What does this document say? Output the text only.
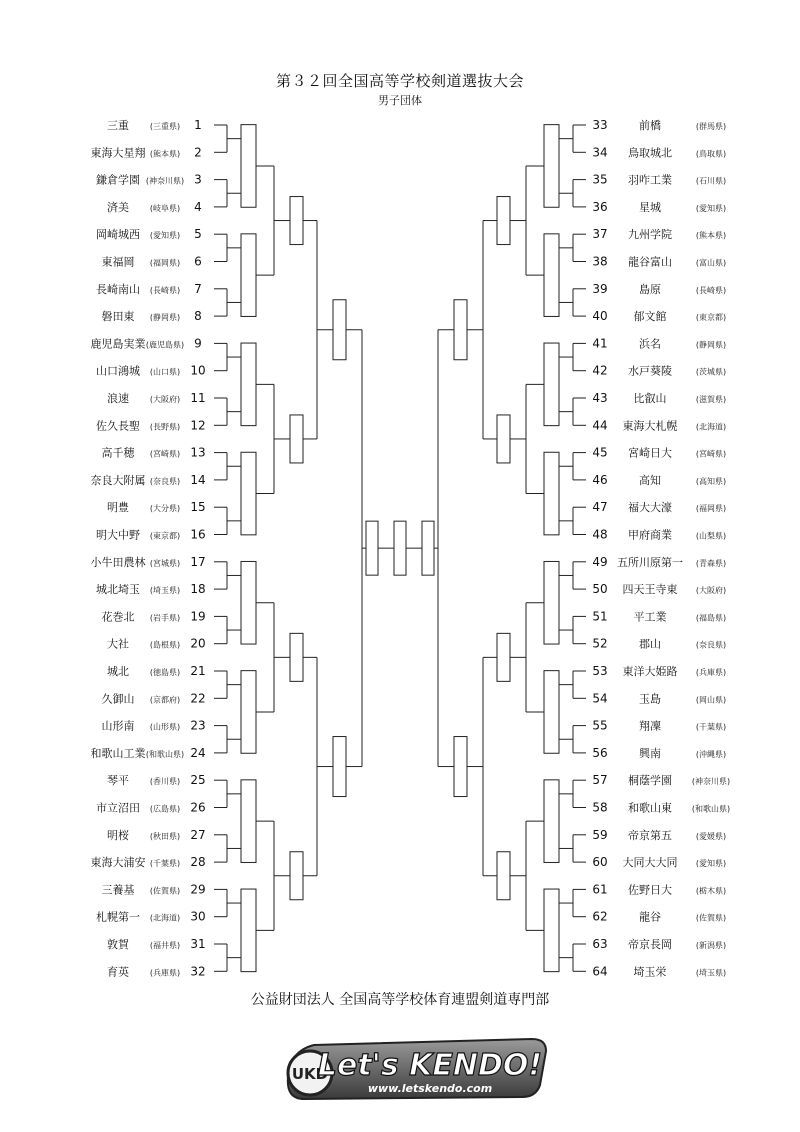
第３２回全国高等学校剣道選抜大会
男子団体
三重	(三重県) 1
東海大星翔 (熊本県) 2
鎌倉学園 (神奈川県) 3
済美	(岐阜県) 4
岡崎城西 (愛知県) 5
東福岡 (福岡県) 6
長崎南山 (長崎県) 7
磐田東 (静岡県) 8
鹿児島実業 (鹿児島県) 9
山口鴻城 (山口県) 10
浪速	(大阪府) 11
佐久長聖 (長野県) 12
高千穂 (宮崎県) 13
奈良大附属 (奈良県) 14
明豊	(大分県) 15
明大中野 (東京都) 16
小牛田農林 (宮城県) 17
城北埼玉 (埼玉県) 18
花巻北 (岩手県) 19
大社	(島根県) 20
城北	(徳島県) 21
久御山 (京都府) 22
山形南 (山形県) 23
和歌山工業 (和歌山県) 24
琴平	(香川県) 25
市立沼田 (広島県) 26
明桜	(秋田県) 27
東海大浦安 (千葉県) 28
三養基 (佐賀県) 29
札幌第一 (北海道) 30
敦賀	(福井県) 31
育英	(兵庫県) 32
33	前橋	(群馬県)
34 鳥取城北	(鳥取県)
35 羽咋工業	(石川県)
36	星城	(愛知県)
37 九州学院	(熊本県)
38 龍谷富山	(富山県)
39	島原	(長崎県)
40 郁文館	(東京都)
41	浜名	(静岡県)
42 水戸葵陵	(茨城県)
43 比叡山	(滋賀県)
44 東海大札幌 (北海道)
45 宮崎日大	(宮崎県)
46	高知	(高知県)
47 福大大濠	(福岡県)
48 甲府商業	(山梨県)
49 五所川原第一 (青森県)
50 四天王寺東 (大阪府)
51 平工業	(福島県)
52	郡山	(奈良県)
53 東洋大姫路 (兵庫県)
54	玉島	(岡山県)
55	翔凜	(千葉県)
56	興南	(沖縄県)
57 桐蔭学園 (神奈川県)
58 和歌山東 (和歌山県)
59 帝京第五	(愛媛県)
60 大同大大同 (愛知県)
61 佐野日大	(栃木県)
62	龍谷	(佐賀県)
63 帝京長岡	(新潟県)
64 埼玉栄	(埼玉県)
公益財団法人 全国高等学校体育連盟剣道専門部
UKD
Let's KENDO!
www.letskendo.com
